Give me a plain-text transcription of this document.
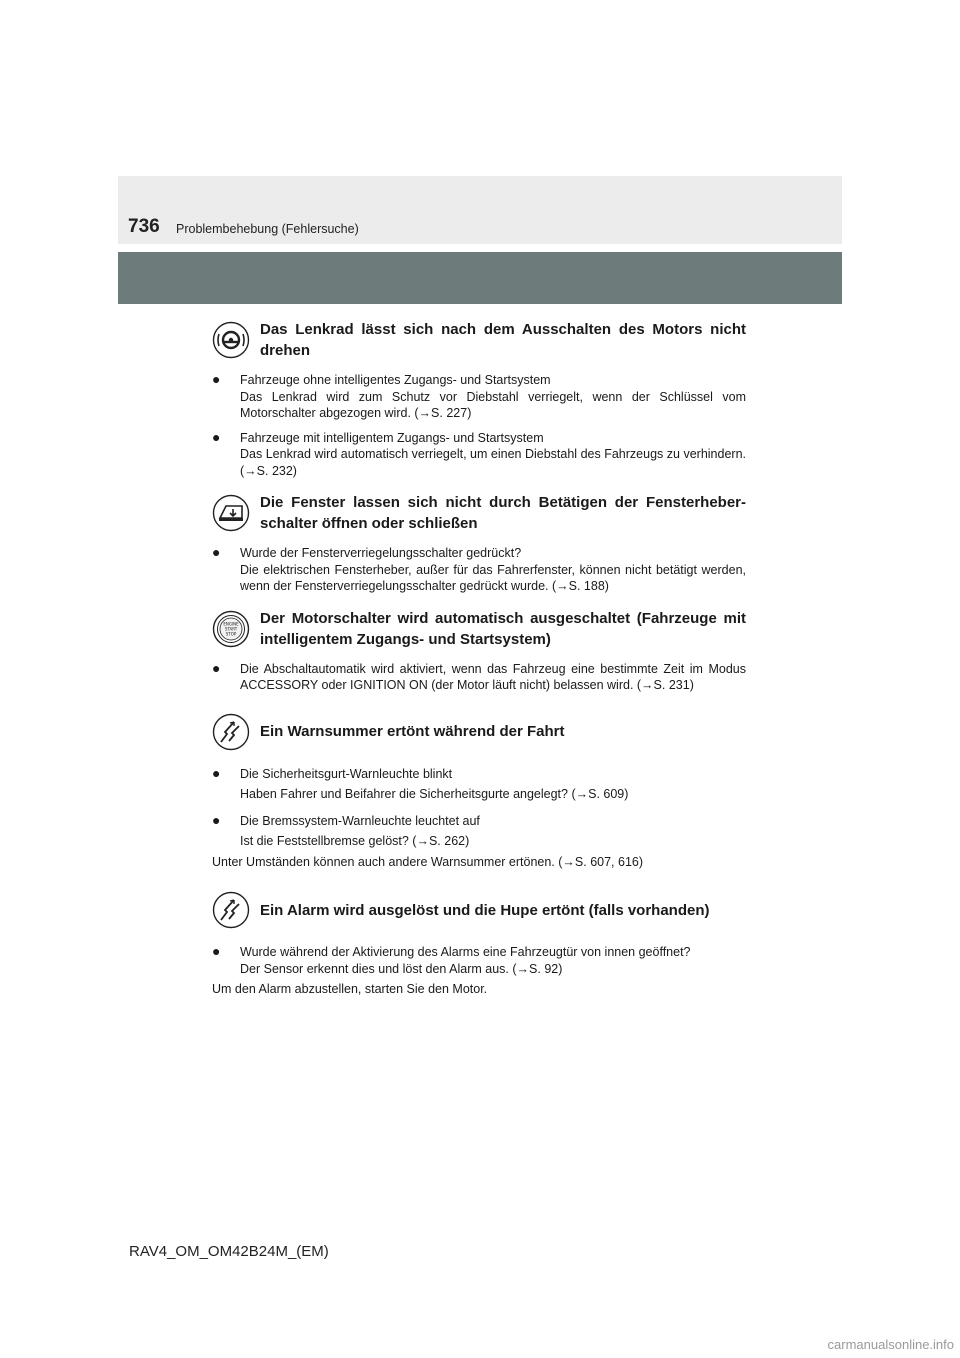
736 Problembehebung (Fehlersuche)
Das Lenkrad lässt sich nach dem Ausschalten des Motors nicht drehen

● Fahrzeuge ohne intelligentes Zugangs- und Startsystem

Das Lenkrad wird zum Schutz vor Diebstahl verriegelt, wenn der Schlüssel vom Motorschalter abgezogen wird. (→S. 227)

● Fahrzeuge mit intelligentem Zugangs- und Startsystem

Das Lenkrad wird automatisch verriegelt, um einen Diebstahl des Fahrzeugs zu verhindern. (→S. 232)

Die Fenster lassen sich nicht durch Betätigen der Fensterheber-schalter öffnen oder schließen

● Wurde der Fensterverriegelungsschalter gedrückt?

Die elektrischen Fensterheber, außer für das Fahrerfenster, können nicht betätigt werden, wenn der Fensterverriegelungsschalter gedrückt wurde. (→S. 188)

ENGINE
START
STOP
Der Motorschalter wird automatisch ausgeschaltet (Fahrzeuge mit intelligentem Zugangs- und Startsystem)

● Die Abschaltautomatik wird aktiviert, wenn das Fahrzeug eine bestimmte Zeit im Modus ACCESSORY oder IGNITION ON (der Motor läuft nicht) belassen wird. (→S. 231)

Ein Warnsummer ertönt während der Fahrt

● Die Sicherheitsgurt-Warnleuchte blinkt

Haben Fahrer und Beifahrer die Sicherheitsgurte angelegt? (→S. 609)

● Die Bremssystem-Warnleuchte leuchtet auf

Ist die Feststellbremse gelöst? (→S. 262)

Unter Umständen können auch andere Warnsummer ertönen. (→S. 607, 616)
Ein Alarm wird ausgelöst und die Hupe ertönt (falls vorhanden)

● Wurde während der Aktivierung des Alarms eine Fahrzeugtür von innen geöffnet?

Der Sensor erkennt dies und löst den Alarm aus. (→S. 92)

Um den Alarm abzustellen, starten Sie den Motor.
RAV4_OM_OM42B24M_(EM)
carmanualsonline.info
